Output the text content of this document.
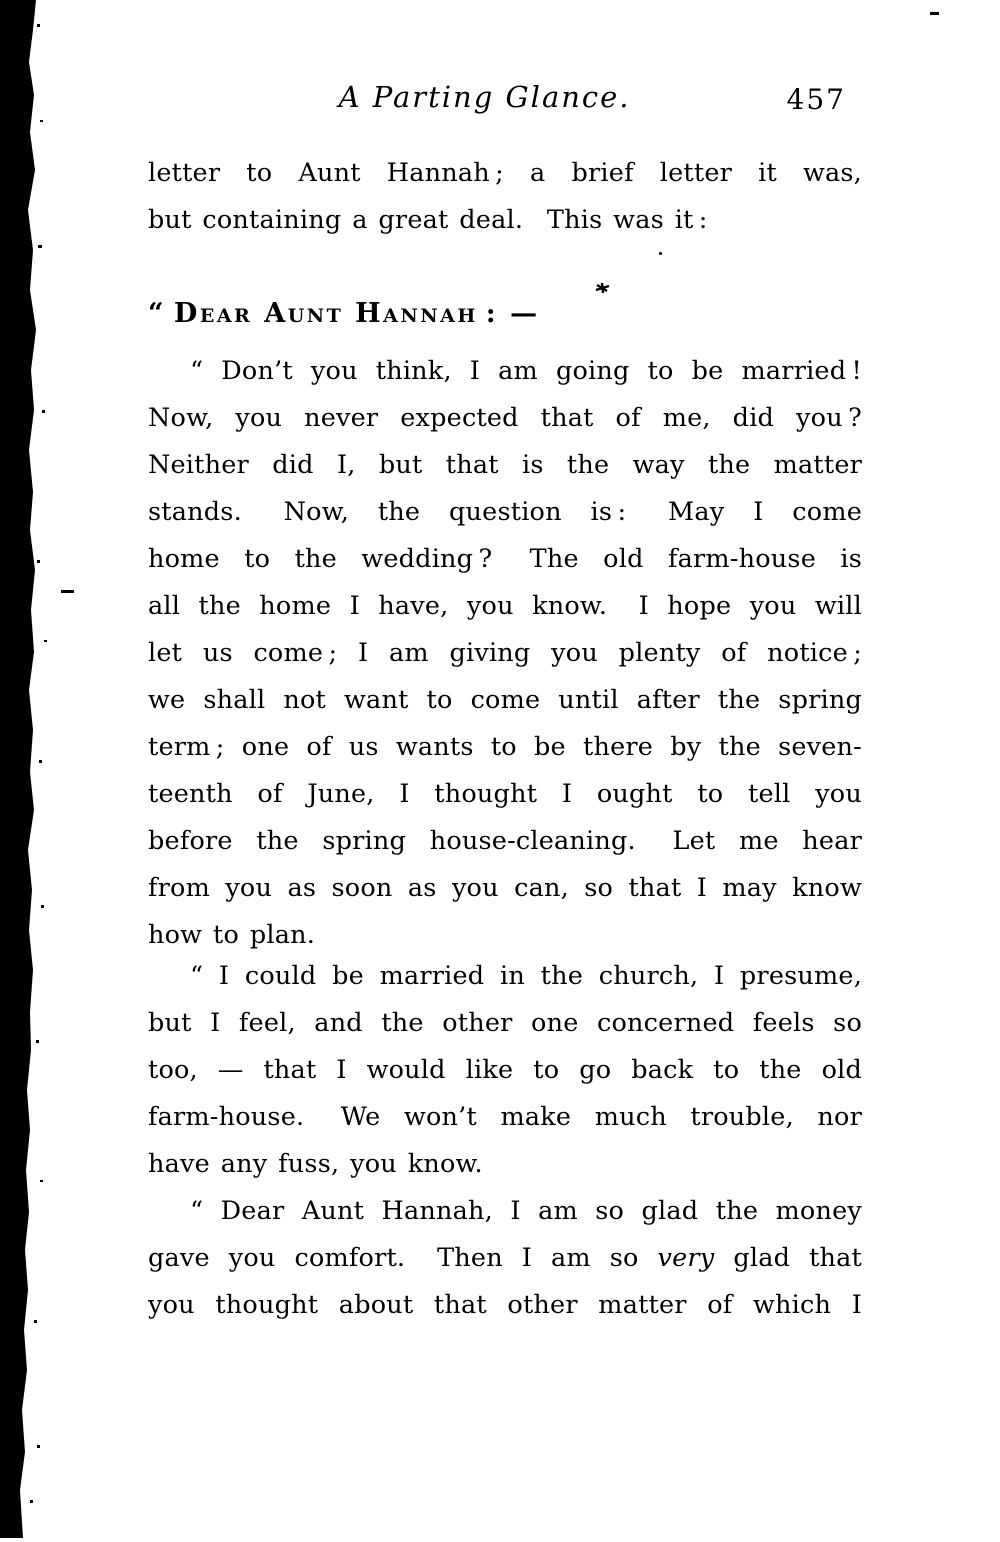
A Parting Glance.	457
letter to Aunt Hannah ; a brief letter it was,
but containing a great deal.  This was it :
“ Dear Aunt Hannah : —
“ Don’t you think, I am going to be married !
Now, you never expected that of me, did you ?
Neither did I, but that is the way the matter
stands.  Now, the question is :  May I come
home to the wedding ?  The old farm-house is
all the home I have, you know.  I hope you will
let us come ; I am giving you plenty of notice ;
we shall not want to come until after the spring
term ; one of us wants to be there by the seven-
teenth of June, I thought I ought to tell you
before the spring house-cleaning.  Let me hear
from you as soon as you can, so that I may know
how to plan.
“ I could be married in the church, I presume,
but I feel, and the other one concerned feels so
too, — that I would like to go back to the old
farm-house.  We won’t make much trouble, nor
have any fuss, you know.
“ Dear Aunt Hannah, I am so glad the money
gave you comfort.  Then I am so very glad that
you thought about that other matter of which I
